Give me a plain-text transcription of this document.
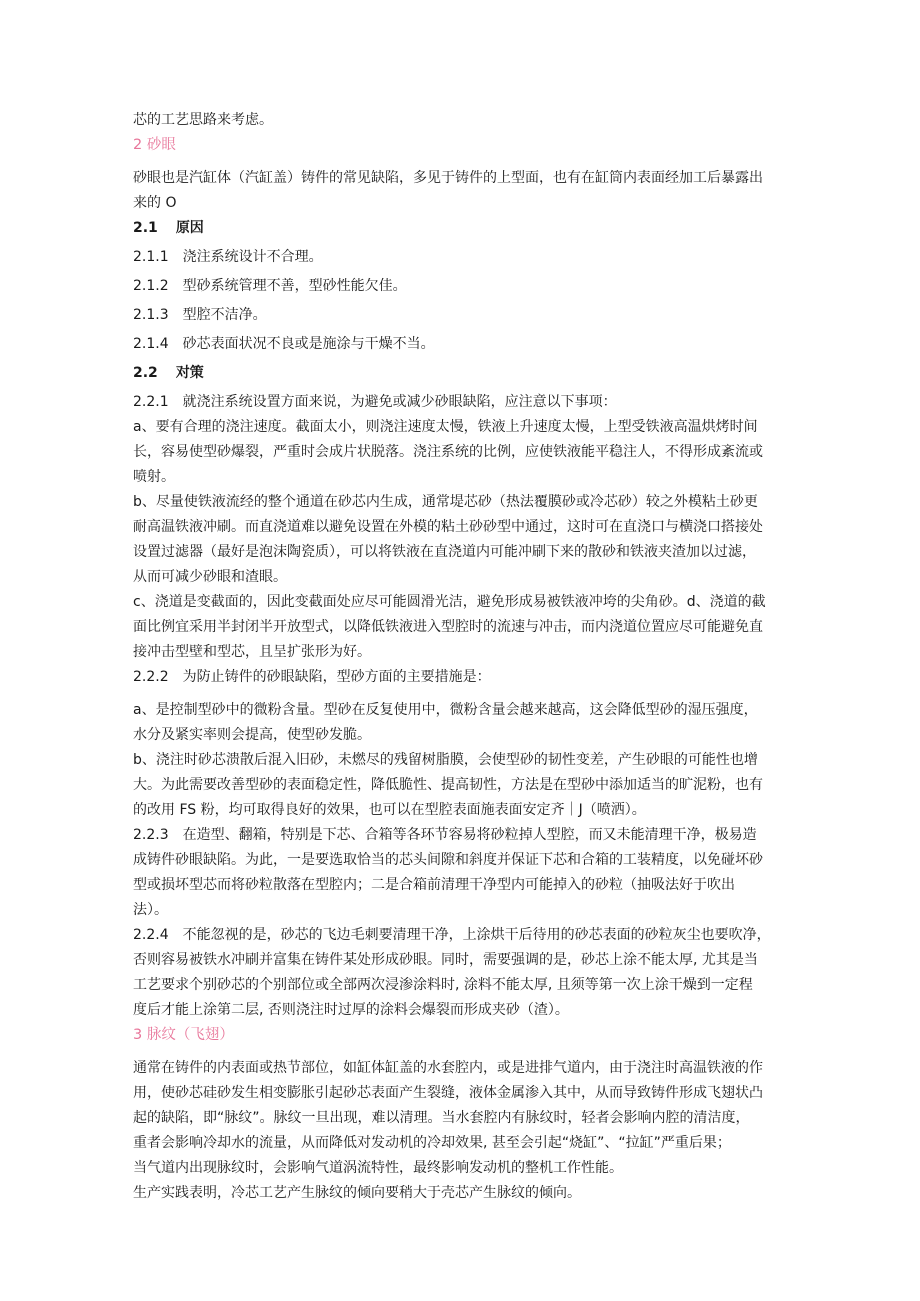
芯的工艺思路来考虑。
2 砂眼
砂眼也是汽缸体（汽缸盖）铸件的常见缺陷，多见于铸件的上型面，也有在缸筒内表面经加工后暴露出
来的 O
2.1 原因
2.1.1　浇注系统设计不合理。
2.1.2　型砂系统管理不善，型砂性能欠佳。
2.1.3　型腔不洁净。
2.1.4　砂芯表面状况不良或是施涂与干燥不当。
2.2 对策
2.2.1　就浇注系统设置方面来说，为避免或减少砂眼缺陷，应注意以下事项：
a、要有合理的浇注速度。截面太小，则浇注速度太慢，铁液上升速度太慢，上型受铁液高温烘烤时间
长，容易使型砂爆裂，严重时会成片状脱落。浇注系统的比例，应使铁液能平稳注人，不得形成紊流或
喷射。
b、尽量使铁液流经的整个通道在砂芯内生成，通常堤芯砂（热法覆膜砂或冷芯砂）较之外模粘土砂更
耐高温铁液冲刷。而直浇道难以避免设置在外模的粘土砂砂型中通过，这时可在直浇口与横浇口搭接处
设置过滤器（最好是泡沫陶瓷质），可以将铁液在直浇道内可能冲刷下来的散砂和铁液夹渣加以过滤，
从而可减少砂眼和渣眼。
c、浇道是变截面的，因此变截面处应尽可能圆滑光洁，避免形成易被铁液冲垮的尖角砂。d、浇道的截
面比例宜采用半封闭半开放型式，以降低铁液进入型腔时的流速与冲击，而内浇道位置应尽可能避免直
接冲击型壁和型芯，且呈扩张形为好。
2.2.2　为防止铸件的砂眼缺陷，型砂方面的主要措施是：
a、是控制型砂中的微粉含量。型砂在反复使用中，微粉含量会越来越高，这会降低型砂的湿压强度，
水分及紧实率则会提高，使型砂发脆。
b、浇注时砂芯溃散后混入旧砂，未燃尽的残留树脂膜，会使型砂的韧性变差，产生砂眼的可能性也增
大。为此需要改善型砂的表面稳定性，降低脆性、提高韧性，方法是在型砂中添加适当的旷泥粉，也有
的改用 FS 粉，均可取得良好的效果，也可以在型腔表面施表面安定齐｜J（喷洒）。
2.2.3　在造型、翻箱，特别是下芯、合箱等各环节容易将砂粒掉人型腔，而又未能清理干净，极易造
成铸件砂眼缺陷。为此，一是要选取恰当的芯头间隙和斜度并保证下芯和合箱的工装精度，以免碰坏砂
型或损坏型芯而将砂粒散落在型腔内；二是合箱前清理干净型内可能掉入的砂粒（抽吸法好于吹出
法）。
2.2.4　不能忽视的是，砂芯的飞边毛刺要清理干净，上涂烘干后待用的砂芯表面的砂粒灰尘也要吹净，
否则容易被铁水冲刷并富集在铸件某处形成砂眼。同时，需要强调的是，砂芯上涂不能太厚, 尤其是当
工艺要求个别砂芯的个别部位或全部两次浸渗涂料时, 涂料不能太厚, 且须等第一次上涂干燥到一定程
度后才能上涂第二层, 否则浇注时过厚的涂料会爆裂而形成夹砂（渣）。
3 脉纹（飞翅）
通常在铸件的内表面或热节部位，如缸体缸盖的水套腔内，或是进排气道内，由于浇注时高温铁液的作
用，使砂芯硅砂发生相变膨胀引起砂芯表面产生裂缝，液体金属渗入其中，从而导致铸件形成飞翅状凸
起的缺陷，即“脉纹”。脉纹一旦出现，难以清理。当水套腔内有脉纹时，轻者会影响内腔的清洁度，
重者会影响冷却水的流量，从而降低对发动机的冷却效果, 甚至会引起“烧缸”、“拉缸”严重后果；
当气道内出现脉纹时，会影响气道涡流特性，最终影响发动机的整机工作性能。
生产实践表明，冷芯工艺产生脉纹的倾向要稍大于壳芯产生脉纹的倾向。
